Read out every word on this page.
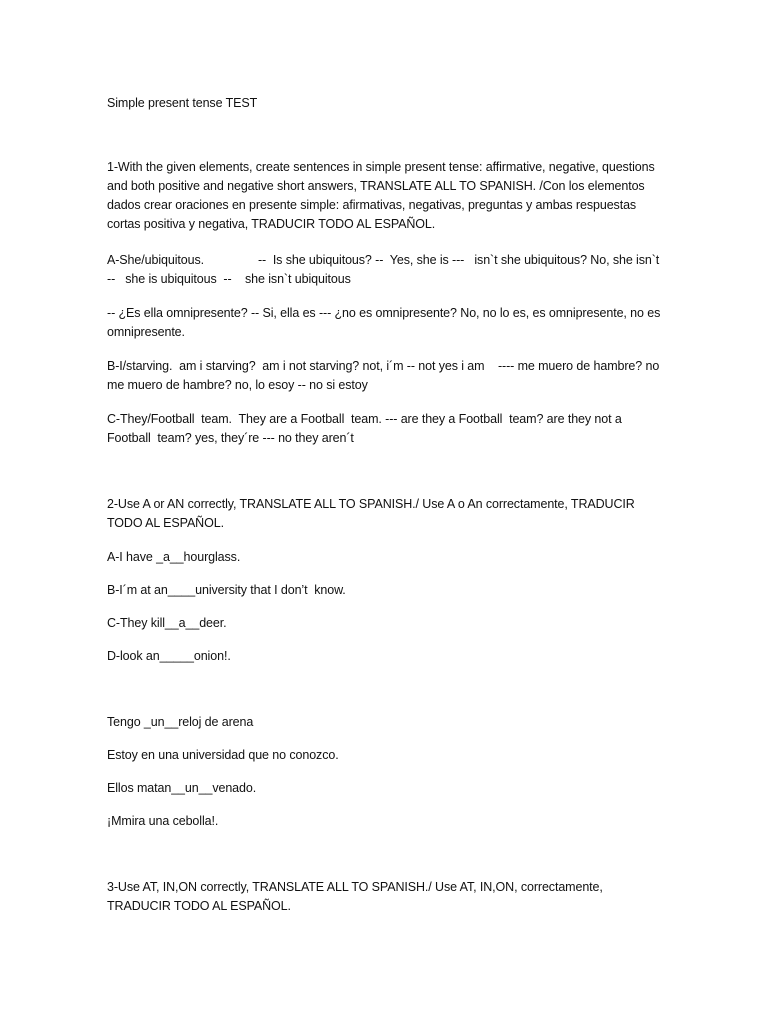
Simple present tense TEST

1-With the given elements, create sentences in simple present tense: affirmative, negative, questions and both positive and negative short answers, TRANSLATE ALL TO SPANISH. /Con los elementos dados crear oraciones en presente simple: afirmativas, negativas, preguntas y ambas respuestas cortas positiva y negativa, TRADUCIR TODO AL ESPAÑOL.

A-She/ubiquitous.                --  Is she ubiquitous? --  Yes, she is ---   isn`t she ubiquitous? No, she isn`t  --   she is ubiquitous  --    she isn`t ubiquitous

-- ¿Es ella omnipresente? -- Si, ella es --- ¿no es omnipresente? No, no lo es, es omnipresente, no es omnipresente.

B-I/starving.  am i starving?  am i not starving? not, i´m -- not yes i am    ---- me muero de hambre? no me muero de hambre? no, lo esoy -- no si estoy

C-They/Football  team.  They are a Football  team. --- are they a Football  team? are they not a Football  team? yes, they´re --- no they aren´t

2-Use A or AN correctly, TRANSLATE ALL TO SPANISH./ Use A o An correctamente, TRADUCIR TODO AL ESPAÑOL.

A-I have _a__hourglass.

B-I´m at an____university that I don’t  know.

C-They kill__a__deer.

D-look an_____onion!.

Tengo _un__reloj de arena

Estoy en una universidad que no conozco.

Ellos matan__un__venado.

¡Mmira una cebolla!.

3-Use AT, IN,ON correctly, TRANSLATE ALL TO SPANISH./ Use AT, IN,ON, correctamente, TRADUCIR TODO AL ESPAÑOL.
